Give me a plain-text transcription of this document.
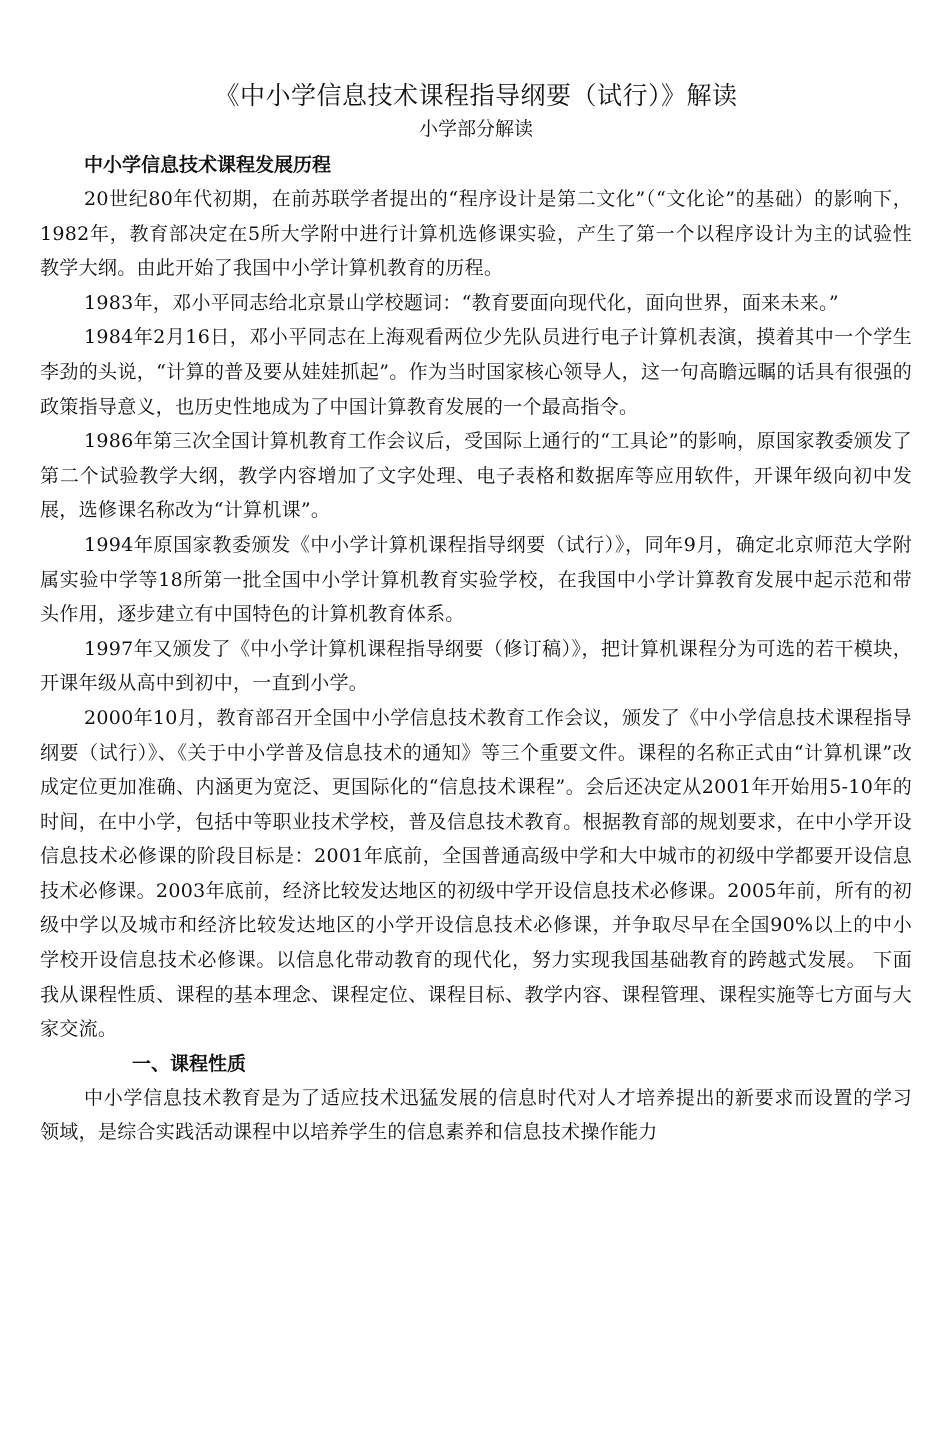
《中小学信息技术课程指导纲要（试行）》解读
小学部分解读
中小学信息技术课程发展历程

20世纪80年代初期，在前苏联学者提出的“程序设计是第二文化”（“文化论”的基础）的影响下，1982年，教育部决定在5所大学附中进行计算机选修课实验，产生了第一个以程序设计为主的试验性教学大纲。由此开始了我国中小学计算机教育的历程。

1983年，邓小平同志给北京景山学校题词：“教育要面向现代化，面向世界，面来未来。”

1984年2月16日，邓小平同志在上海观看两位少先队员进行电子计算机表演，摸着其中一个学生李劲的头说，“计算的普及要从娃娃抓起”。作为当时国家核心领导人，这一句高瞻远瞩的话具有很强的政策指导意义，也历史性地成为了中国计算教育发展的一个最高指令。

1986年第三次全国计算机教育工作会议后，受国际上通行的“工具论”的影响，原国家教委颁发了第二个试验教学大纲，教学内容增加了文字处理、电子表格和数据库等应用软件，开课年级向初中发展，选修课名称改为“计算机课”。

1994年原国家教委颁发《中小学计算机课程指导纲要（试行）》，同年9月，确定北京师范大学附属实验中学等18所第一批全国中小学计算机教育实验学校，在我国中小学计算教育发展中起示范和带头作用，逐步建立有中国特色的计算机教育体系。

1997年又颁发了《中小学计算机课程指导纲要（修订稿）》，把计算机课程分为可选的若干模块，开课年级从高中到初中，一直到小学。

2000年10月，教育部召开全国中小学信息技术教育工作会议，颁发了《中小学信息技术课程指导纲要（试行）》、《关于中小学普及信息技术的通知》等三个重要文件。课程的名称正式由“计算机课”改成定位更加准确、内涵更为宽泛、更国际化的“信息技术课程”。会后还决定从2001年开始用5-10年的时间，在中小学，包括中等职业技术学校，普及信息技术教育。根据教育部的规划要求，在中小学开设信息技术必修课的阶段目标是：2001年底前，全国普通高级中学和大中城市的初级中学都要开设信息技术必修课。2003年底前，经济比较发达地区的初级中学开设信息技术必修课。2005年前，所有的初级中学以及城市和经济比较发达地区的小学开设信息技术必修课，并争取尽早在全国90%以上的中小学校开设信息技术必修课。以信息化带动教育的现代化，努力实现我国基础教育的跨越式发展。 下面我从课程性质、课程的基本理念、课程定位、课程目标、教学内容、课程管理、课程实施等七方面与大家交流。

一、课程性质

中小学信息技术教育是为了适应技术迅猛发展的信息时代对人才培养提出的新要求而设置的学习领域，是综合实践活动课程中以培养学生的信息素养和信息技术操作能力
